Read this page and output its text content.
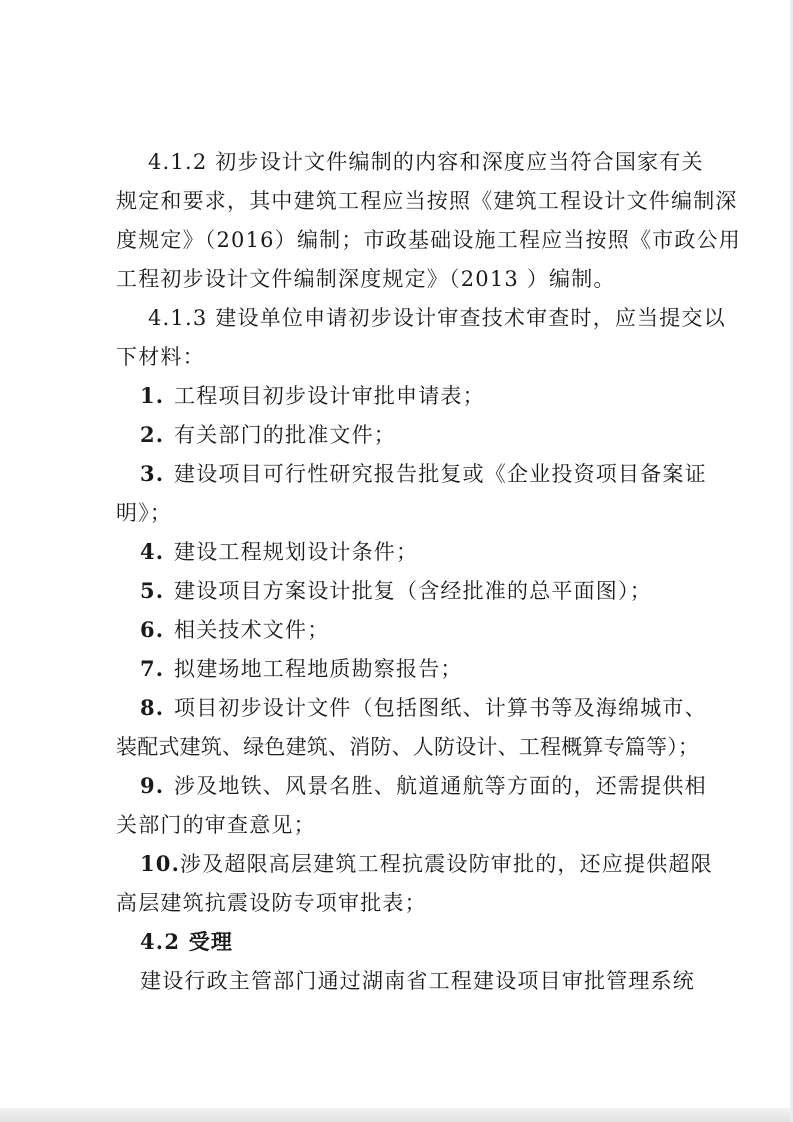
4.1.2 初步设计文件编制的内容和深度应当符合国家有关
规定和要求，其中建筑工程应当按照《建筑工程设计文件编制深
度规定》（2016）编制；市政基础设施工程应当按照《市政公用
工程初步设计文件编制深度规定》（2013 ）编制。
4.1.3 建设单位申请初步设计审查技术审查时，应当提交以
下材料：
1. 工程项目初步设计审批申请表；
2. 有关部门的批准文件；
3. 建设项目可行性研究报告批复或《企业投资项目备案证
明》；
4. 建设工程规划设计条件；
5. 建设项目方案设计批复（含经批准的总平面图）；
6. 相关技术文件；
7. 拟建场地工程地质勘察报告；
8. 项目初步设计文件（包括图纸、计算书等及海绵城市、
装配式建筑、绿色建筑、消防、人防设计、工程概算专篇等）；
9. 涉及地铁、风景名胜、航道通航等方面的，还需提供相
关部门的审查意见；
10.涉及超限高层建筑工程抗震设防审批的，还应提供超限
高层建筑抗震设防专项审批表；
4.2 受理
建设行政主管部门通过湖南省工程建设项目审批管理系统
